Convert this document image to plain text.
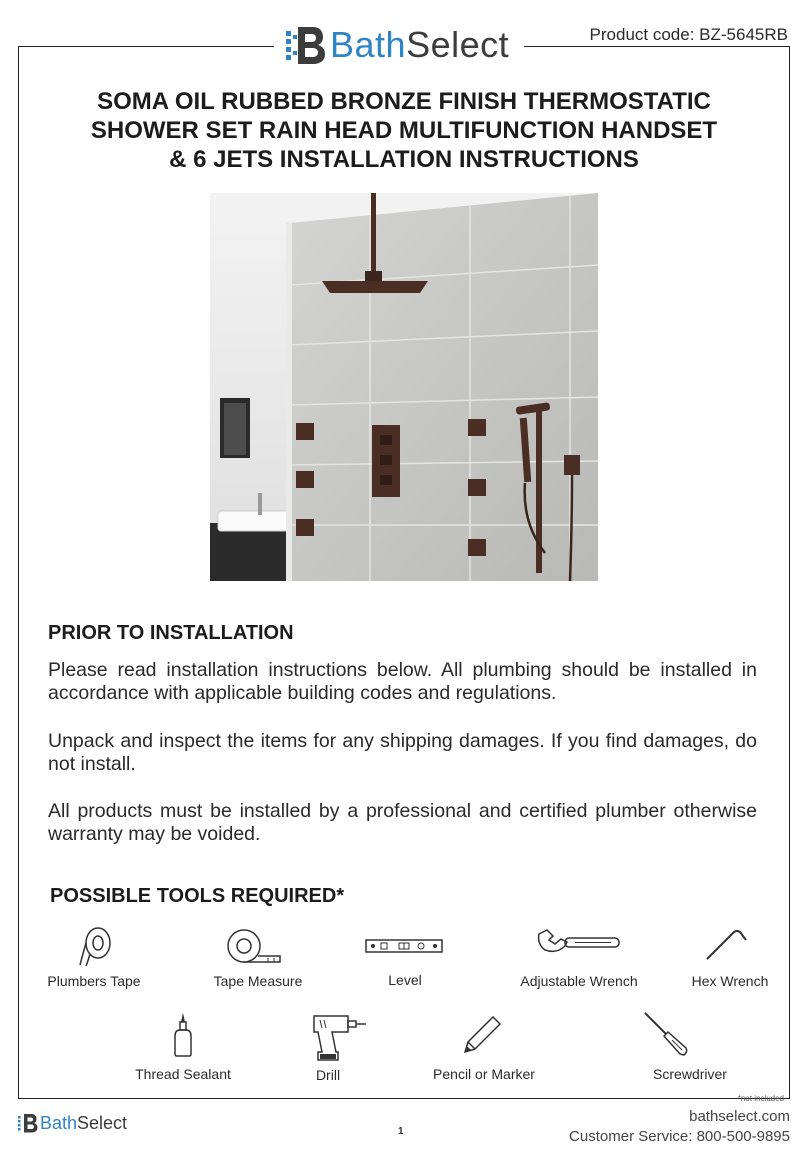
BathSelect	Product code: BZ-5645RB
SOMA OIL RUBBED BRONZE FINISH THERMOSTATIC
SHOWER SET RAIN HEAD MULTIFUNCTION HANDSET
& 6 JETS INSTALLATION INSTRUCTIONS
PRIOR TO INSTALLATION
Please read installation instructions below. All plumbing should be installed in accordance with applicable building codes and regulations.
Unpack and inspect the items for any shipping damages. If you find damages, do not install.
All products must be installed by a professional and certified plumber otherwise warranty may be voided.
POSSIBLE TOOLS REQUIRED*
Plumbers Tape	Tape Measure	Level	Adjustable Wrench	Hex Wrench
Thread Sealant	Drill	Pencil or Marker	Screwdriver
*not included
BathSelect	1
bathselect.com
Customer Service: 800-500-9895
